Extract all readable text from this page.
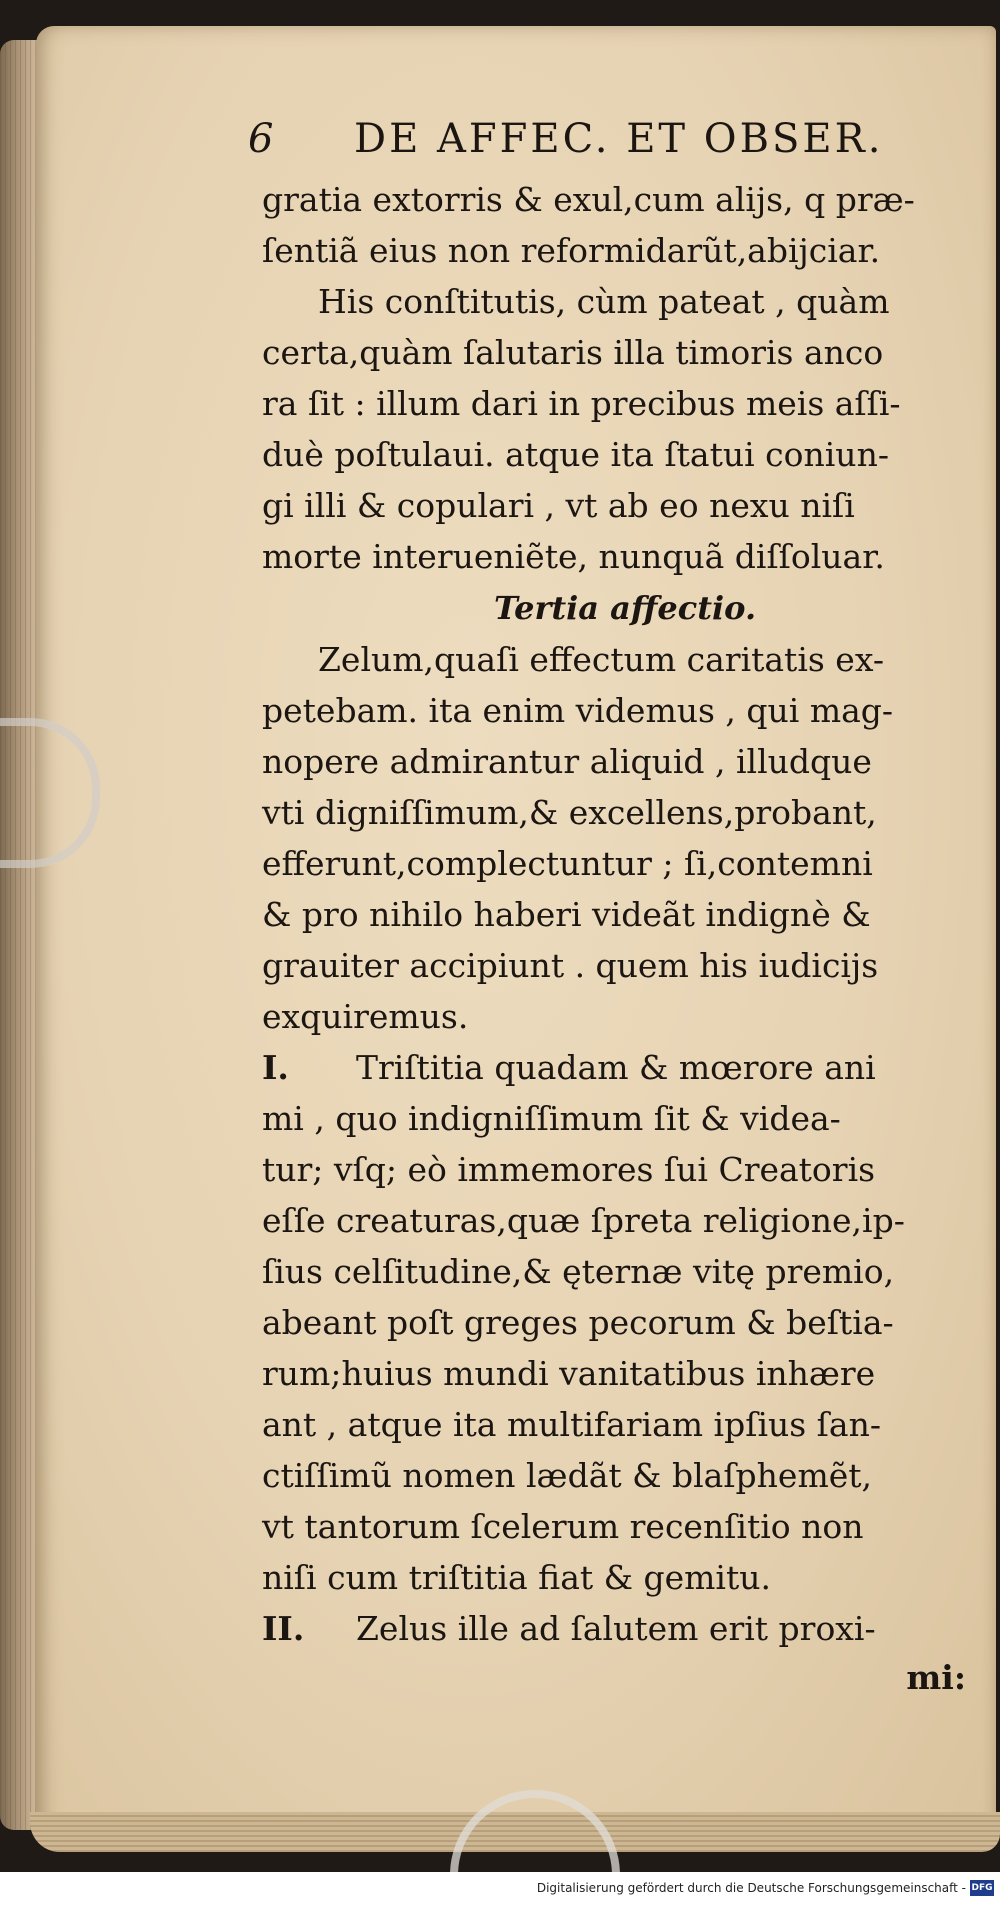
6 DE AFFEC. ET OBSER.
gratia extorris & exul,cum alijs, q præ-
ſentiã eius non reformidarũt,abijciar.
His conſtitutis, cùm pateat , quàm
certa,quàm ſalutaris illa timoris anco
ra ſit : illum dari in precibus meis aſſi-
duè poſtulaui. atque ita ſtatui coniun-
gi illi & copulari , vt ab eo nexu niſi
morte interueniẽte, nunquã diſſoluar.
Tertia affectio.
Zelum,quaſi effectum caritatis ex-
petebam. ita enim videmus , qui mag-
nopere admirantur aliquid , illudque
vti digniſſimum,& excellens,probant,
efferunt,complectuntur ; ſi,contemni
& pro nihilo haberi videãt indignè &
grauiter accipiunt . quem his iudicijs
exquiremus.
I.	Triſtitia quadam & mœrore ani
mi , quo indigniſſimum ſit & videa-
tur; vſq; eò immemores ſui Creatoris
eſſe creaturas,quæ ſpreta religione,ip-
ſius celſitudine,& ęternæ vitę premio,
abeant poſt greges pecorum & beſtia-
rum;huius mundi vanitatibus inhære
ant , atque ita multifariam ipſius ſan-
ctiſſimũ nomen lædãt & blaſphemẽt,
vt tantorum ſcelerum recenſitio non
niſi cum triſtitia fiat & gemitu.
II.	Zelus ille ad ſalutem erit proxi-
mi:
Digitalisierung gefördert durch die Deutsche Forschungsgemeinschaft - DFG
